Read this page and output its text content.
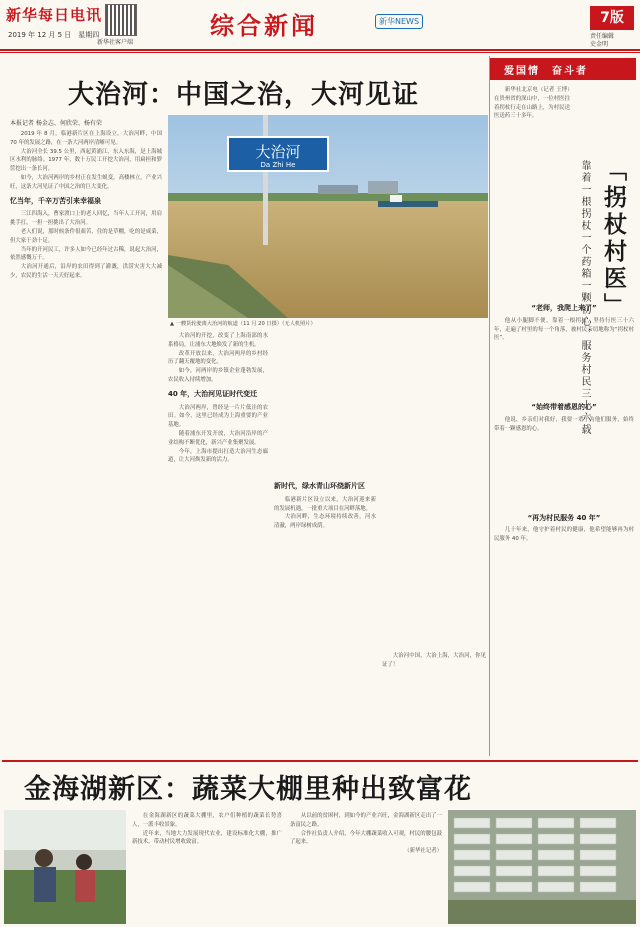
新华每日电讯
2019 年 12 月 5 日　星期四
新华社客户端
综合新闻	新华NEWS	7版
责任编辑
史金明
大治河：中国之治，大河见证
本报记者 杨金志、何欣荣、杨有荣

2019 年 8 月，临港新片区在上海设立，大治河畔，中国 70 年的发展之路，在一条大河两岸清晰可见。

大治河全长 39.5 公里，西起黄浦江，东入东海，是上海城区水利的脉络。1977 年，数十万民工开挖大治河，用扁担和箩筐挖出一条长河。

如今，大治河两岸的乡村正在发生蜕变，高楼林立，产业兴旺，这条大河见证了中国之治的巨大变化。

忆当年，千辛万苦引来幸福泉

三江四海入，曹家渡口上的老人回忆，当年人工开河，用肩挑手扛，一担一担挑出了大治河。

老人们说，那时候条件很艰苦，住的是草棚，吃的是咸菜，但大家干劲十足。

当年的开河民工，许多人如今已经年过古稀，说起大治河，依然感慨万千。

大治河开通后，沿岸的农田得到了灌溉，洪涝灾害大大减少，农民的生活一天天好起来。

大治河
Da Zhi He
▲ 一艘货轮驶离大治河的航道（11 月 20 日摄）（无人机照片）

大治河的开挖，改变了上海南部的水系格局，让浦东大地焕发了新的生机。

改革开放以来，大治河两岸的乡村经历了翻天覆地的变化。

如今，河两岸的乡镇企业蓬勃发展，农民收入持续增加。

40 年，大治河见证时代变迁

大治河两岸，曾经是一片片低洼的农田。如今，这里已经成为上海重要的产业基地。

随着浦东开发开放，大治河沿岸的产业结构不断优化，新兴产业集聚发展。

今年，上海市提出打造大治河生态廊道，让大河焕发新的活力。

新时代，绿水青山环绕新片区

临港新片区设立以来，大治河迎来新的发展机遇，一批重大项目在河畔落地。

大治河畔，生态环境持续改善，河水清澈，两岸绿树成荫。

大治河中国，大治上海，大治河，你见证了！

爱国情　奋斗者

新华社北京电（记者 王博）在贵州省的深山中，一位村医拄着拐杖行走在山路上，为村民送医送药三十多年。

「拐杖村医」
靠着一根拐杖一个药箱一颗初心，服务村民三十六载
“老师，我爬上来了”

他从小腿脚不便，靠着一根拐杖，坚持行医三十六年，走遍了村里的每一个角落，被村民亲切地称为“拐杖村医”。

“始终带着感恩的心”

他说，乡亲们对我好，我要一辈子为他们服务，始终带着一颗感恩的心。

“再为村民服务 40 年”

几十年来，他守护着村民的健康，他希望能够再为村民服务 40 年。

金海湖新区：蔬菜大棚里种出致富花

在金海湖新区的蔬菜大棚里，农户们种植的蔬菜长势喜人，一派丰收景象。

近年来，当地大力发展现代农业，建设标准化大棚，推广新技术，带动村民增收致富。

从以前的贫困村，到如今的产业兴旺，金海湖新区走出了一条富民之路。

合作社负责人介绍，今年大棚蔬菜收入可观，村民的腰包鼓了起来。

（新华社记者）
